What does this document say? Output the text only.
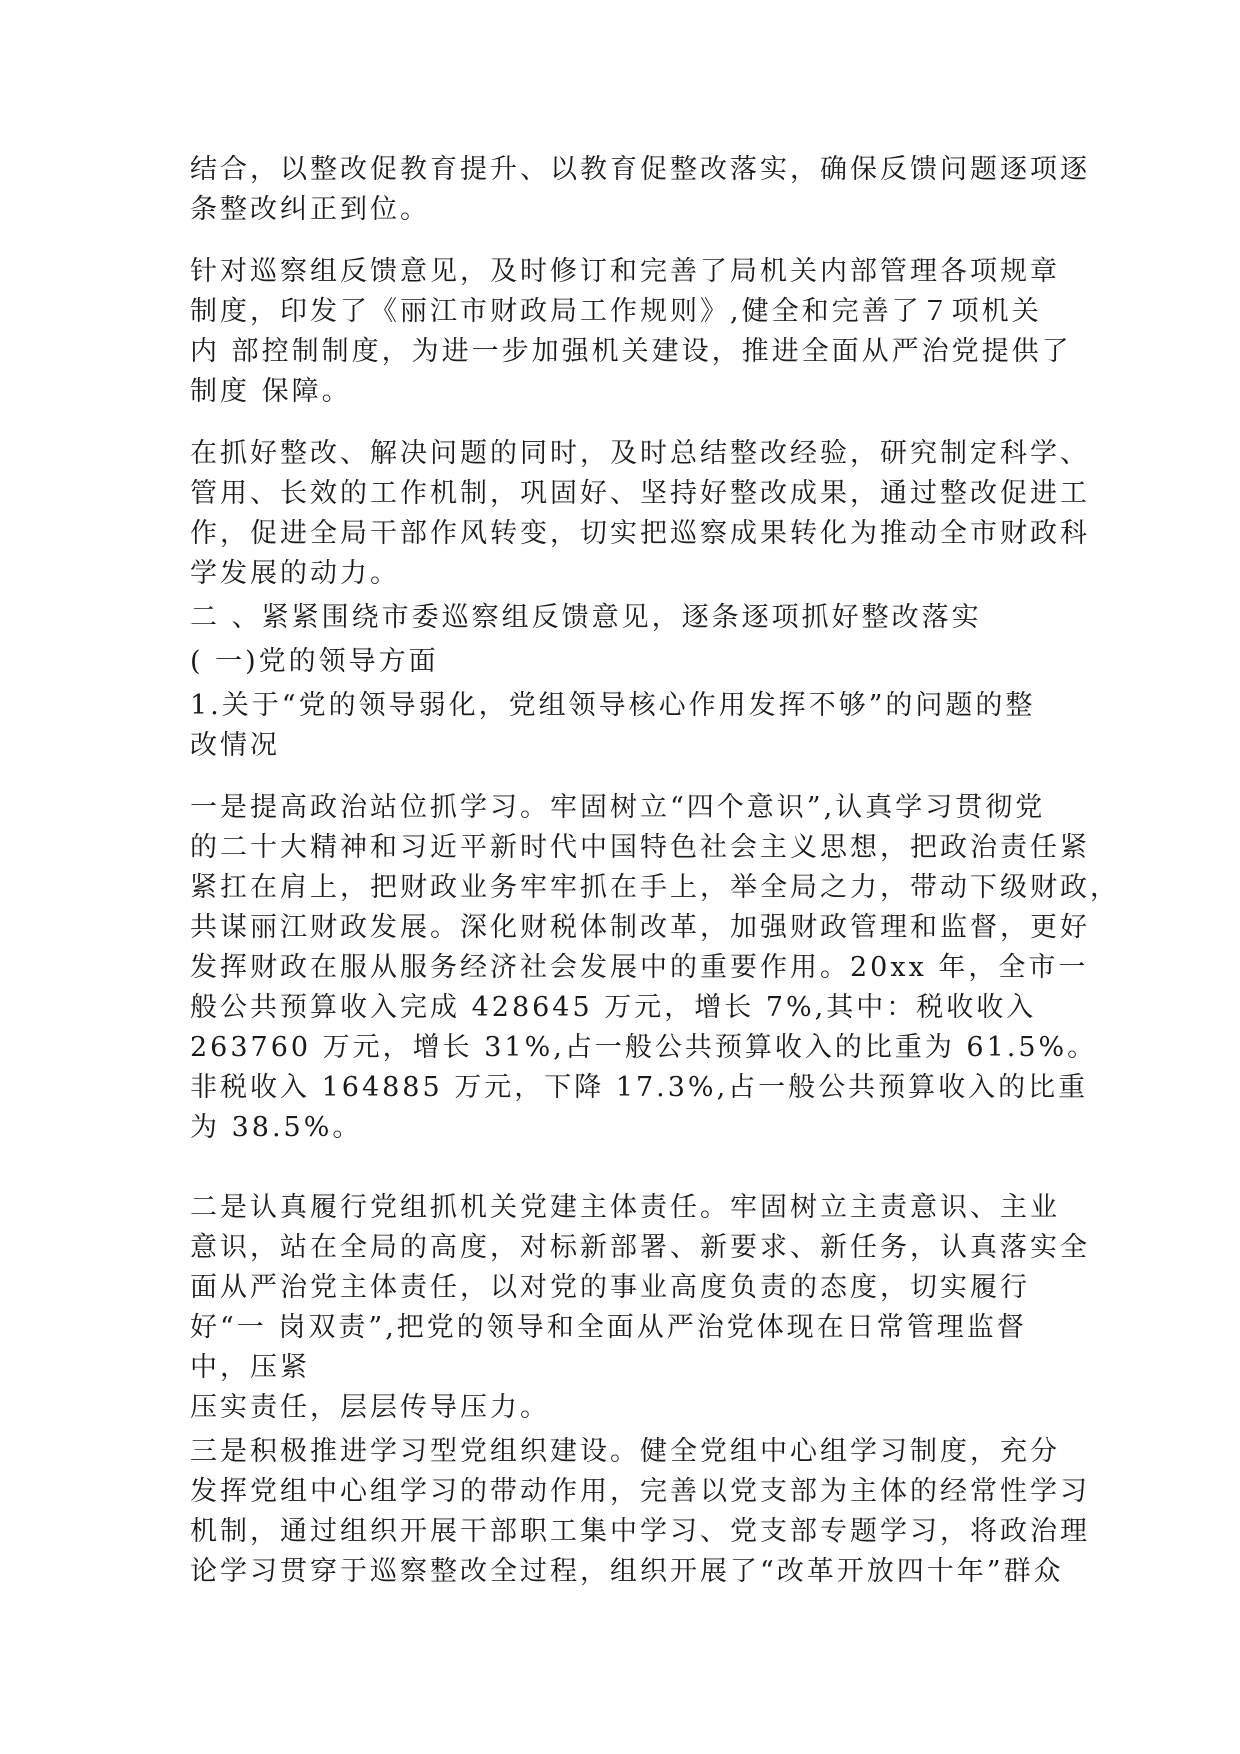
结合，以整改促教育提升、以教育促整改落实，确保反馈问题逐项逐
条整改纠正到位。

针对巡察组反馈意见，及时修订和完善了局机关内部管理各项规章
制度，印发了《丽江市财政局工作规则》,健全和完善了７项机关
内 部控制制度，为进一步加强机关建设，推进全面从严治党提供了
制度 保障。

在抓好整改、解决问题的同时，及时总结整改经验，研究制定科学、
管用、长效的工作机制，巩固好、坚持好整改成果，通过整改促进工
作，促进全局干部作风转变，切实把巡察成果转化为推动全市财政科
学发展的动力。

二 、紧紧围绕市委巡察组反馈意见，逐条逐项抓好整改落实

( 一)党的领导方面

1.关于“党的领导弱化，党组领导核心作用发挥不够”的问题的整
改情况

一是提高政治站位抓学习。牢固树立“四个意识”,认真学习贯彻党
的二十大精神和习近平新时代中国特色社会主义思想，把政治责任紧
紧扛在肩上，把财政业务牢牢抓在手上，举全局之力，带动下级财政，
共谋丽江财政发展。深化财税体制改革，加强财政管理和监督，更好
发挥财政在服从服务经济社会发展中的重要作用。20xx 年，全市一
般公共预算收入完成 428645 万元，增长 7%,其中：税收收入
263760 万元，增长 31%,占一般公共预算收入的比重为 61.5%。
非税收入 164885 万元，下降 17.3%,占一般公共预算收入的比重
为 38.5%。

二是认真履行党组抓机关党建主体责任。牢固树立主责意识、主业
意识，站在全局的高度，对标新部署、新要求、新任务，认真落实全
面从严治党主体责任，以对党的事业高度负责的态度，切实履行
好“一 岗双责”,把党的领导和全面从严治党体现在日常管理监督
中，压紧
压实责任，层层传导压力。

三是积极推进学习型党组织建设。健全党组中心组学习制度，充分
发挥党组中心组学习的带动作用，完善以党支部为主体的经常性学习
机制，通过组织开展干部职工集中学习、党支部专题学习，将政治理
论学习贯穿于巡察整改全过程，组织开展了“改革开放四十年”群众
